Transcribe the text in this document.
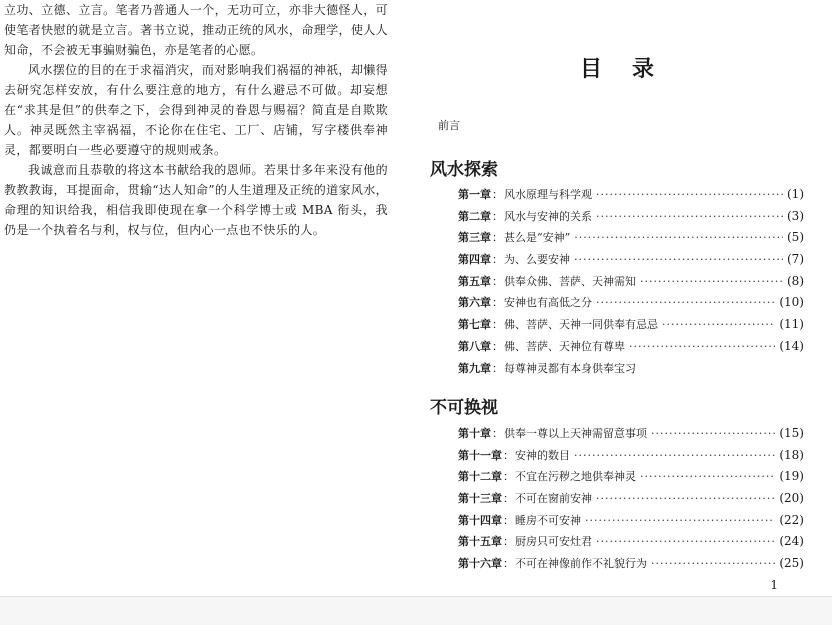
立功、立德、立言。笔者乃普通人一个，无功可立，亦非大德怪人，可使笔者快慰的就是立言。著书立说，推动正统的风水，命理学，使人人知命，不会被无事骗财骗色，亦是笔者的心愿。

风水摆位的目的在于求福消灾，而对影响我们祸福的神祇，却懒得去研究怎样安放，有什么要注意的地方，有什么避忌不可做。却妄想在“求其是但”的供奉之下，会得到神灵的眷恩与赐福？简直是自欺欺人。神灵既然主宰祸福，不论你在住宅、工厂、店铺，写字楼供奉神灵，都要明白一些必要遵守的规则戒条。

我诚意而且恭敬的将这本书献给我的恩师。若果廿多年来没有他的教教教诲，耳提面命，贯输“达人知命”的人生道理及正统的道家风水，命理的知识给我，相信我即使现在拿一个科学博士或 MBA 衔头，我仍是一个执着名与利，权与位，但内心一点也不快乐的人。

目录
前言
风水探索
第一章 ： 风水原理与科学观 ·····	(1)
第二章 ： 风水与安神的关系 ·····	(3)
第三章 ： 甚么是“安神” ·····	(5)
第四章 ： 为、么要安神 ·····	(7)
第五章 ： 供奉众佛、菩萨、天神需知 ·····	(8)
第六章 ： 安神也有高低之分 ·····	(10)
第七章 ： 佛、菩萨、天神一同供奉有忌忌 ·····	(11)
第八章 ： 佛、菩萨、天神位有尊卑 ·····	(14)
第九章 ： 每尊神灵都有本身供奉宝习
不可换视
第十章 ： 供奉一尊以上天神需留意事项 ·····	(15)
第十一章 ： 安神的数目 ·····	(18)
第十二章 ： 不宜在污秽之地供奉神灵 ·····	(19)
第十三章 ： 不可在窗前安神 ·····	(20)
第十四章 ： 睡房不可安神 ·····	(22)
第十五章 ： 厨房只可安灶君 ·····	(24)
第十六章 ： 不可在神像前作不礼貌行为 ·····	(25)
1
